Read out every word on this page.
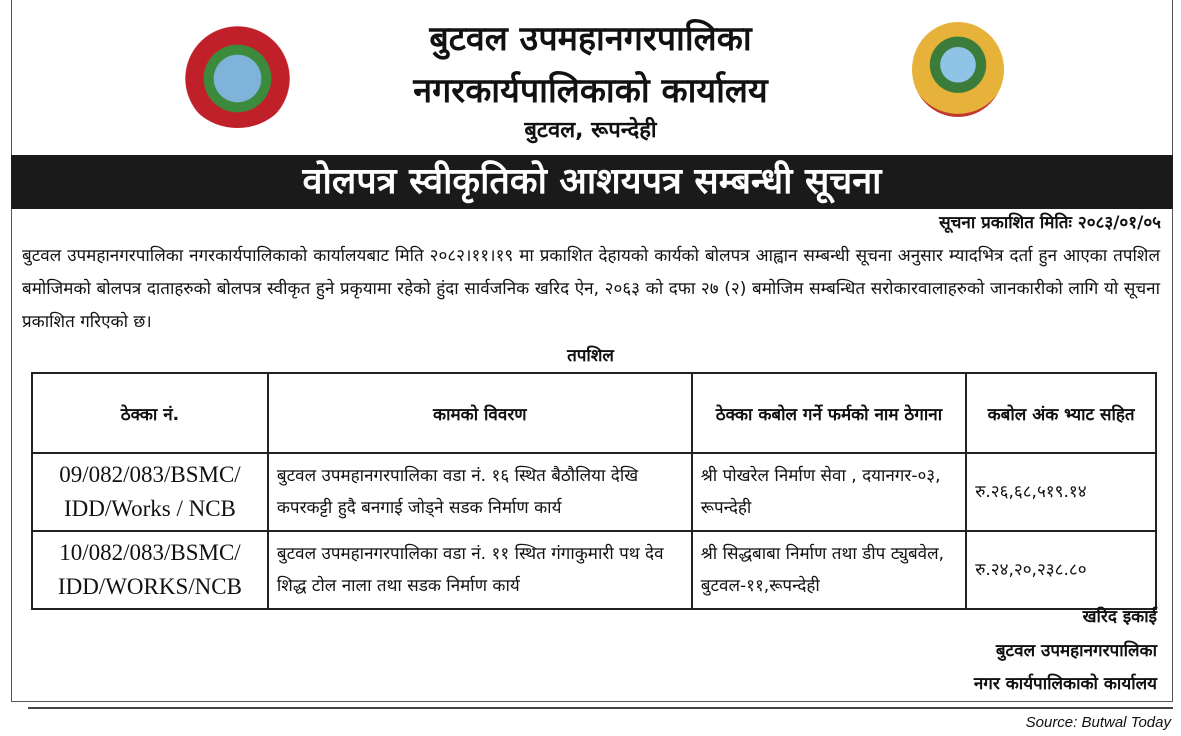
बुटवल उपमहानगरपालिका
नगरकार्यपालिकाको कार्यालय
बुटवल, रूपन्देही
वोलपत्र स्वीकृतिको आशयपत्र सम्बन्धी सूचना
सूचना प्रकाशित मितिः २०८३/०१/०५
बुटवल उपमहानगरपालिका नगरकार्यपालिकाको कार्यालयबाट मिति २०८२।११।१९ मा प्रकाशित देहायको कार्यको बोलपत्र आह्वान सम्बन्धी सूचना अनुसार म्यादभित्र दर्ता हुन आएका तपशिल बमोजिमको बोलपत्र दाताहरुको बोलपत्र स्वीकृत हुने प्रकृयामा रहेको हुंदा सार्वजनिक खरिद ऐन, २०६३ को दफा २७ (२) बमोजिम सम्बन्धित सरोकारवालाहरुको जानकारीको लागि यो सूचना प्रकाशित गरिएको छ।
तपशिल
ठेक्का नं.	कामको विवरण	ठेक्का कबोल गर्ने फर्मको नाम ठेगाना	कबोल अंक भ्याट सहित
09/082/083/BSMC/ IDD/Works / NCB	बुटवल उपमहानगरपालिका वडा नं. १६ स्थित बैठौलिया देखि कपरकट्टी हुदै बनगाई जोड्ने सडक निर्माण कार्य	श्री पोखरेल निर्माण सेवा , दयानगर-०३, रूपन्देही	रु.२६,६८,५१९.१४
10/082/083/BSMC/ IDD/WORKS/NCB	बुटवल उपमहानगरपालिका वडा नं. ११ स्थित गंगाकुमारी पथ देव शिद्ध टोल नाला तथा सडक निर्माण कार्य	श्री सिद्धबाबा निर्माण तथा डीप ट्युबवेल, बुटवल-११,रूपन्देही	रु.२४,२०,२३८.८०
खरिद इकाई
बुटवल उपमहानगरपालिका
नगर कार्यपालिकाको कार्यालय
Source: Butwal Today
